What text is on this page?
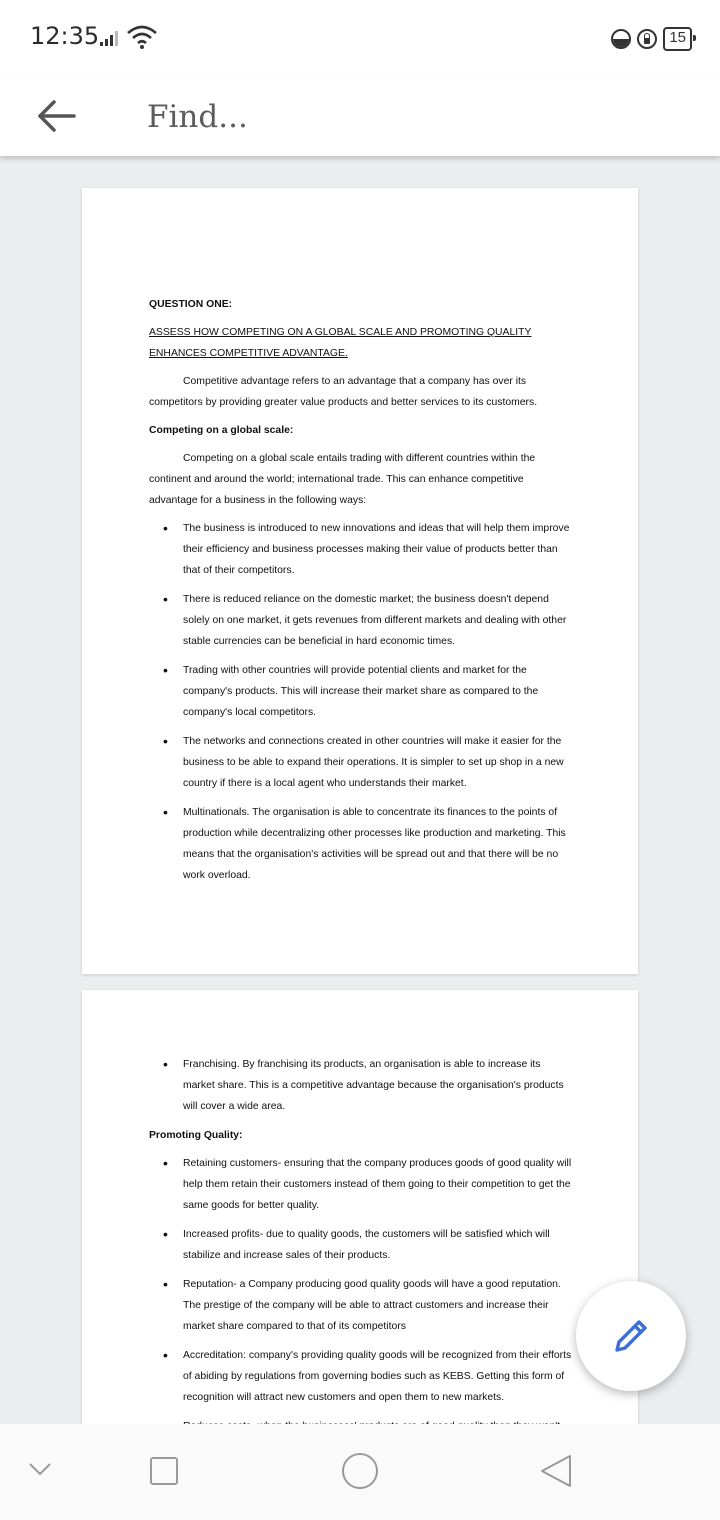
12:35	15
Find...

QUESTION ONE:

ASSESS HOW COMPETING ON A GLOBAL SCALE AND PROMOTING QUALITY ENHANCES COMPETITIVE ADVANTAGE.

Competitive advantage refers to an advantage that a company has over its competitors by providing greater value products and better services to its customers.

Competing on a global scale:

Competing on a global scale entails trading with different countries within the continent and around the world; international trade. This can enhance competitive advantage for a business in the following ways:

• The business is introduced to new innovations and ideas that will help them improve their efficiency and business processes making their value of products better than that of their competitors.
• There is reduced reliance on the domestic market; the business doesn't depend solely on one market, it gets revenues from different markets and dealing with other stable currencies can be beneficial in hard economic times.
• Trading with other countries will provide potential clients and market for the company's products. This will increase their market share as compared to the company's local competitors.
• The networks and connections created in other countries will make it easier for the business to be able to expand their operations. It is simpler to set up shop in a new country if there is a local agent who understands their market.
• Multinationals. The organisation is able to concentrate its finances to the points of production while decentralizing other processes like production and marketing. This means that the organisation's activities will be spread out and that there will be no work overload.
• Franchising. By franchising its products, an organisation is able to increase its market share. This is a competitive advantage because the organisation's products will cover a wide area.

Promoting Quality:

• Retaining customers- ensuring that the company produces goods of good quality will help them retain their customers instead of them going to their competition to get the same goods for better quality.
• Increased profits- due to quality goods, the customers will be satisfied which will stabilize and increase sales of their products.
• Reputation- a Company producing good quality goods will have a good reputation. The prestige of the company will be able to attract customers and increase their market share compared to that of its competitors
• Accreditation: company's providing quality goods will be recognized from their efforts of abiding by regulations from governing bodies such as KEBS. Getting this form of recognition will attract new customers and open them to new markets.
•
